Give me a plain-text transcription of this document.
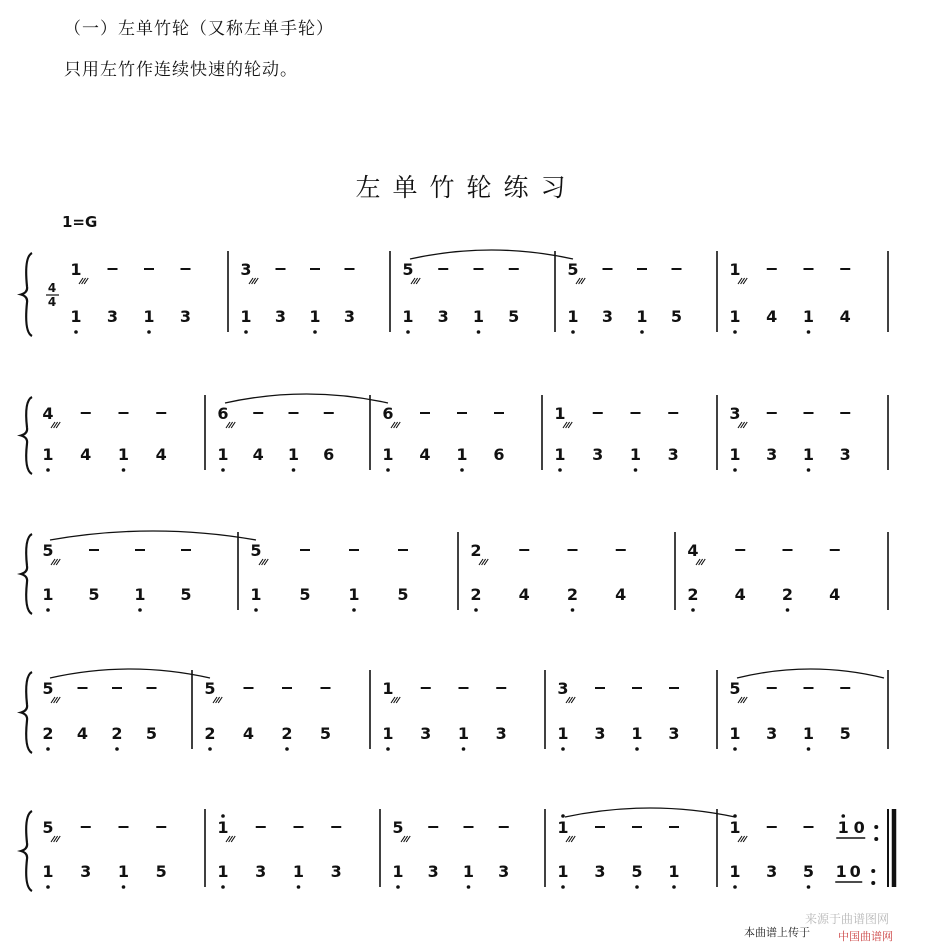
（一）左单竹轮（又称左单手轮）
只用左竹作连续快速的轮动。
左单竹轮练习
1=G
4
4
1
1 3 1 3
3
1 3 1 3
5
1 3 1 5
5
1 3 1 5
1
1 4 1 4
4
1 4 1 4
6
1 4 1 6
6
1 4 1 6
1
1 3 1 3
3
1 3 1 3
5
1 5 1 5
5
1 5 1 5
2
2 4 2 4
4
2 4 2 4
5
2 4 2 5
5
2 4 2 5
1
1 3 1 3
3
1 3 1 3
5
1 3 1 5
5
1 3 1 5
1
1 3 1 3
5
1 3 1 3
1
1 3 5 1
1	1 0
1 3 5 1 0
来源于曲谱图网
本曲谱上传于	中国曲谱网
